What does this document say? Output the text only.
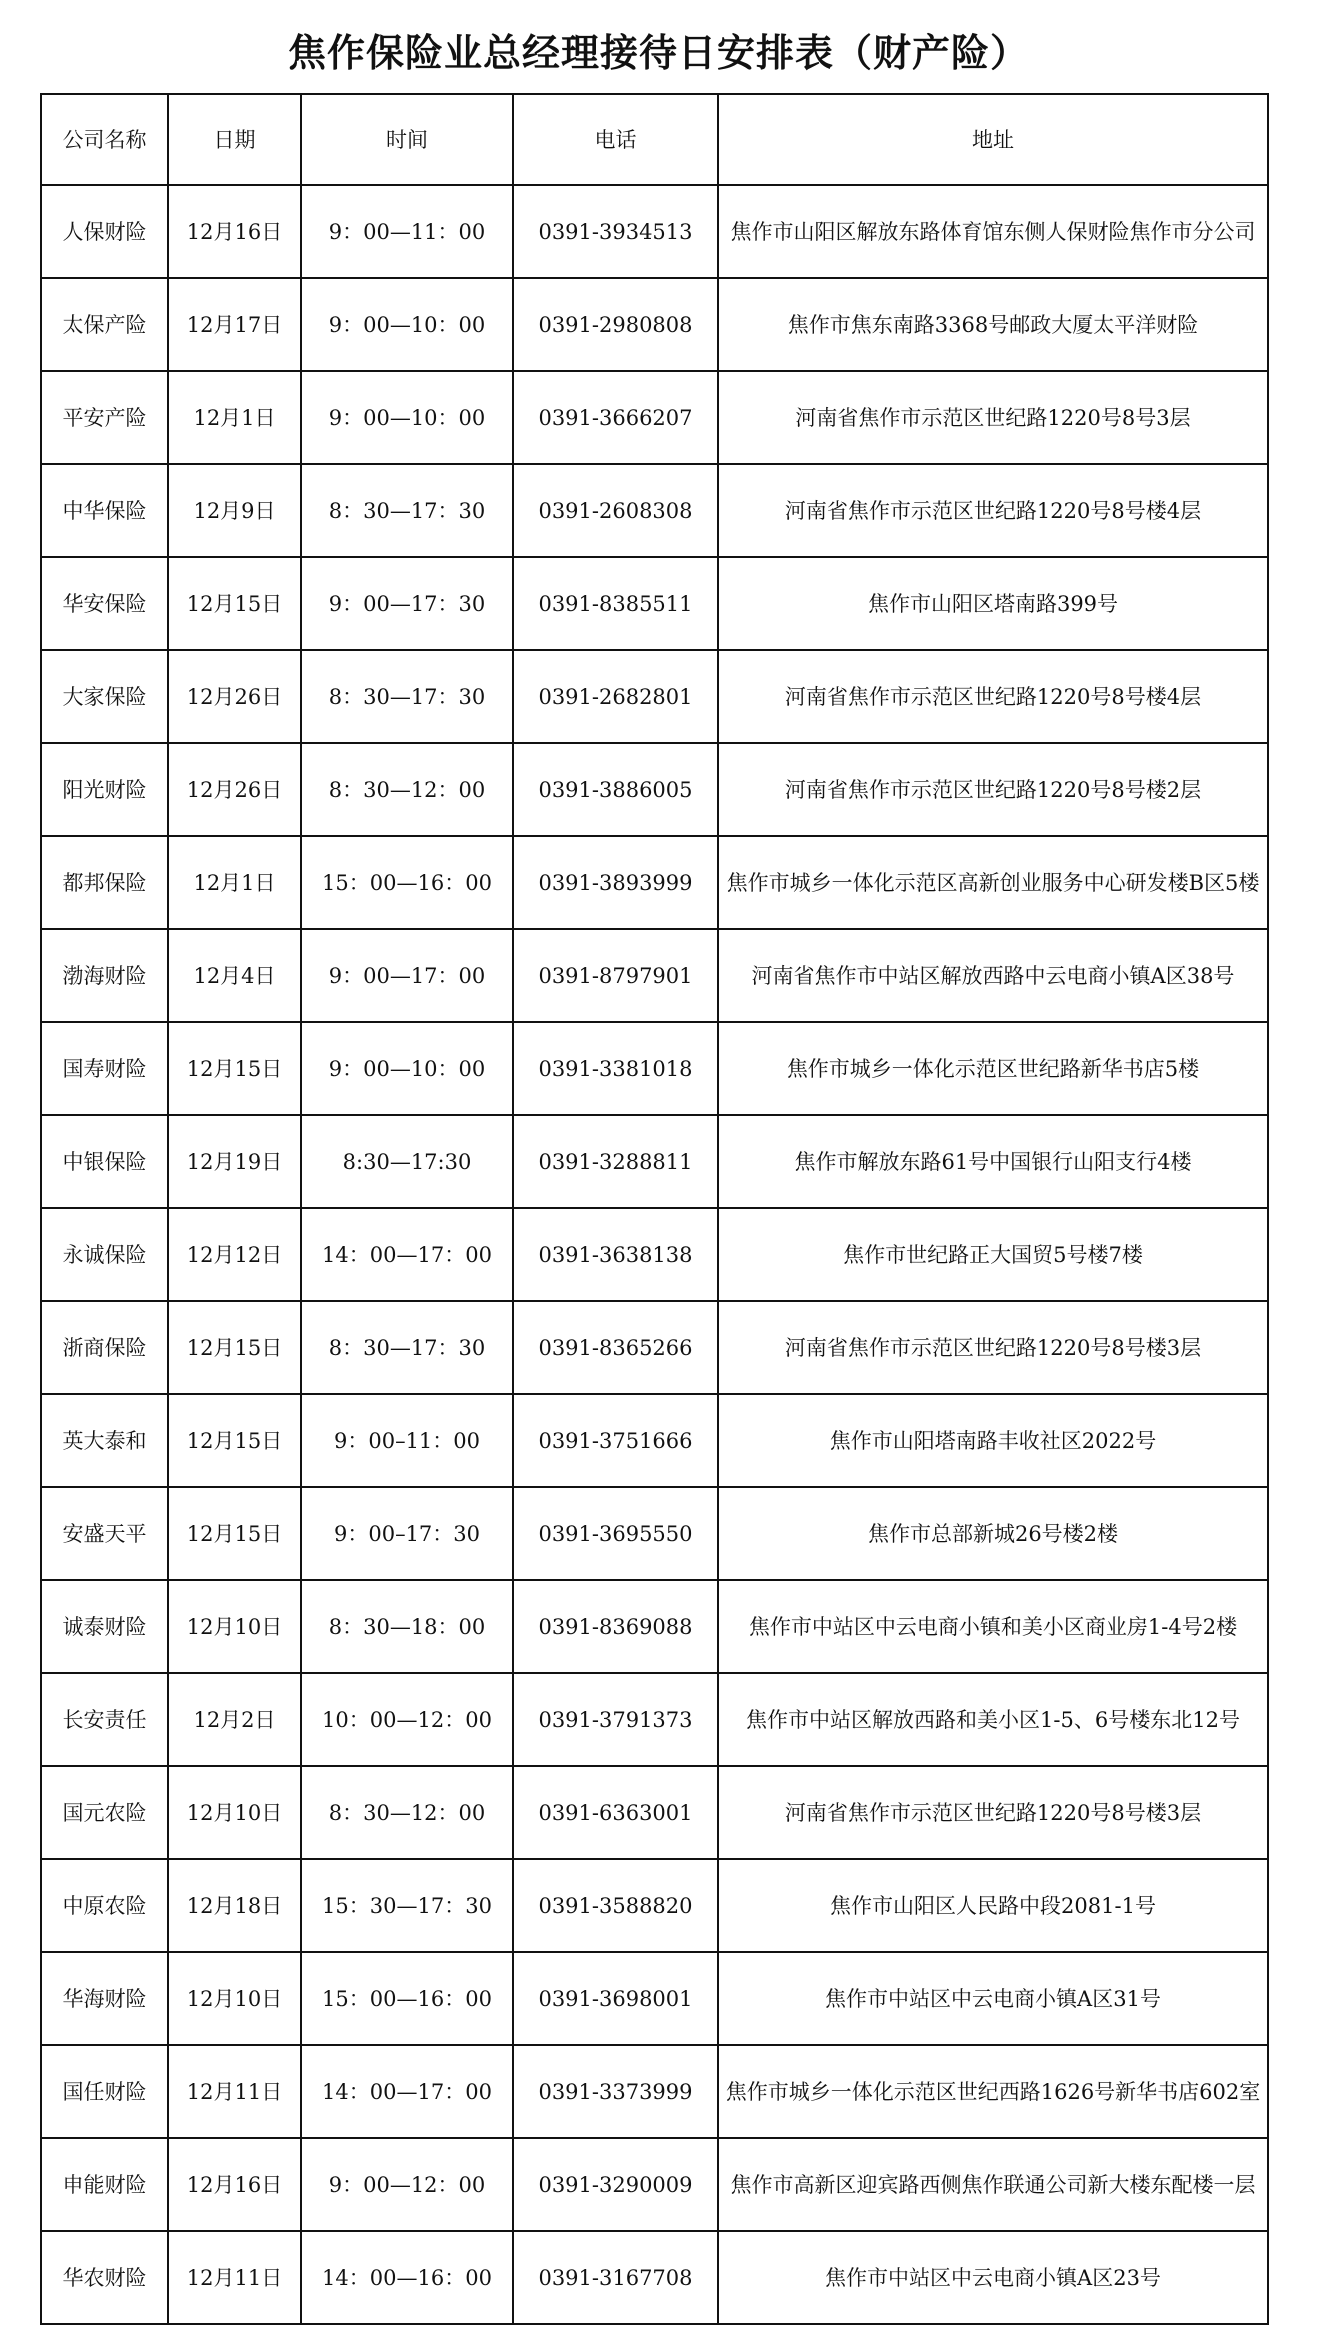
焦作保险业总经理接待日安排表（财产险）
公司名称	日期	时间	电话	地址
人保财险	12月16日	9：00—11：00	0391-3934513	焦作市山阳区解放东路体育馆东侧人保财险焦作市分公司
太保产险	12月17日	9：00—10：00	0391-2980808	焦作市焦东南路3368号邮政大厦太平洋财险
平安产险	12月1日	9：00—10：00	0391-3666207	河南省焦作市示范区世纪路1220号8号3层
中华保险	12月9日	8：30—17：30	0391-2608308	河南省焦作市示范区世纪路1220号8号楼4层
华安保险	12月15日	9：00—17：30	0391-8385511	焦作市山阳区塔南路399号
大家保险	12月26日	8：30—17：30	0391-2682801	河南省焦作市示范区世纪路1220号8号楼4层
阳光财险	12月26日	8：30—12：00	0391-3886005	河南省焦作市示范区世纪路1220号8号楼2层
都邦保险	12月1日	15：00—16：00	0391-3893999	焦作市城乡一体化示范区高新创业服务中心研发楼B区5楼
渤海财险	12月4日	9：00—17：00	0391-8797901	河南省焦作市中站区解放西路中云电商小镇A区38号
国寿财险	12月15日	9：00—10：00	0391-3381018	焦作市城乡一体化示范区世纪路新华书店5楼
中银保险	12月19日	8:30—17:30	0391-3288811	焦作市解放东路61号中国银行山阳支行4楼
永诚保险	12月12日	14：00—17：00	0391-3638138	焦作市世纪路正大国贸5号楼7楼
浙商保险	12月15日	8：30—17：30	0391-8365266	河南省焦作市示范区世纪路1220号8号楼3层
英大泰和	12月15日	9：00–11：00	0391-3751666	焦作市山阳塔南路丰收社区2022号
安盛天平	12月15日	9：00–17：30	0391-3695550	焦作市总部新城26号楼2楼
诚泰财险	12月10日	8：30—18：00	0391-8369088	焦作市中站区中云电商小镇和美小区商业房1-4号2楼
长安责任	12月2日	10：00—12：00	0391-3791373	焦作市中站区解放西路和美小区1-5、6号楼东北12号
国元农险	12月10日	8：30—12：00	0391-6363001	河南省焦作市示范区世纪路1220号8号楼3层
中原农险	12月18日	15：30—17：30	0391-3588820	焦作市山阳区人民路中段2081-1号
华海财险	12月10日	15：00—16：00	0391-3698001	焦作市中站区中云电商小镇A区31号
国任财险	12月11日	14：00—17：00	0391-3373999	焦作市城乡一体化示范区世纪西路1626号新华书店602室
申能财险	12月16日	9：00—12：00	0391-3290009	焦作市高新区迎宾路西侧焦作联通公司新大楼东配楼一层
华农财险	12月11日	14：00—16：00	0391-3167708	焦作市中站区中云电商小镇A区23号
